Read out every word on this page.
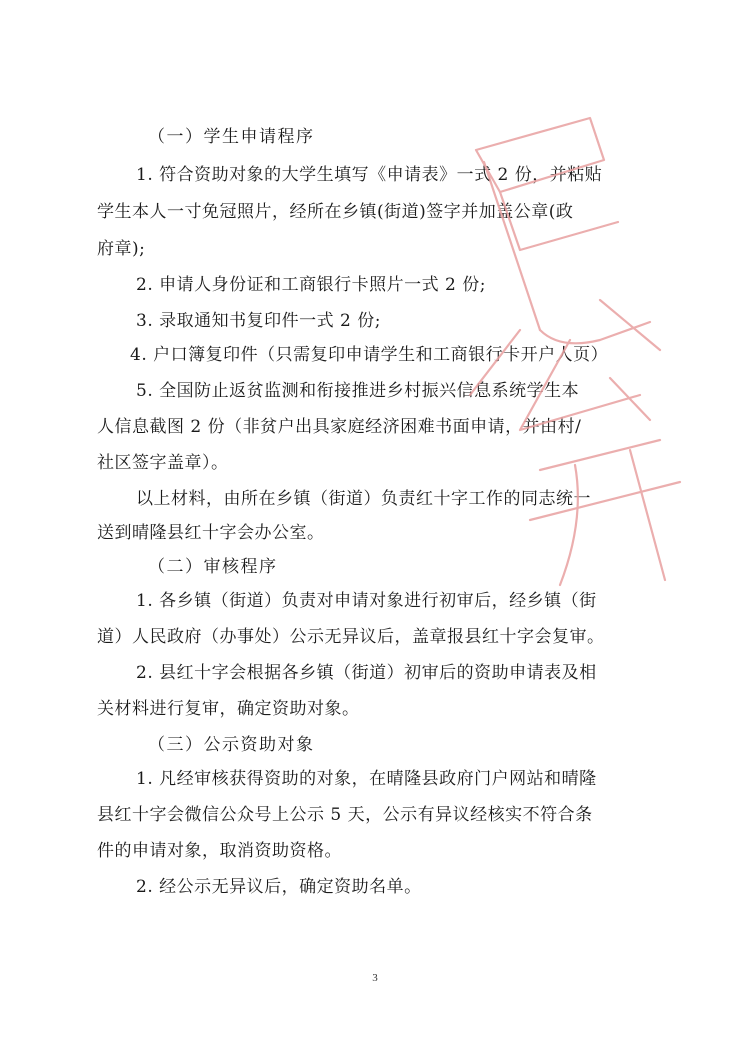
（一）学生申请程序
1. 符合资助对象的大学生填写《申请表》一式 2 份，并粘贴
学生本人一寸免冠照片，经所在乡镇(街道)签字并加盖公章(政
府章);
2. 申请人身份证和工商银行卡照片一式 2 份;
3. 录取通知书复印件一式 2 份;
4. 户口簿复印件（只需复印申请学生和工商银行卡开户人页）
5. 全国防止返贫监测和衔接推进乡村振兴信息系统学生本
人信息截图 2 份（非贫户出具家庭经济困难书面申请，并由村/
社区签字盖章）。
以上材料，由所在乡镇（街道）负责红十字工作的同志统一
送到晴隆县红十字会办公室。
（二）审核程序
1. 各乡镇（街道）负责对申请对象进行初审后，经乡镇（街
道）人民政府（办事处）公示无异议后，盖章报县红十字会复审。
2. 县红十字会根据各乡镇（街道）初审后的资助申请表及相
关材料进行复审，确定资助对象。
（三）公示资助对象
1. 凡经审核获得资助的对象，在晴隆县政府门户网站和晴隆
县红十字会微信公众号上公示 5 天，公示有异议经核实不符合条
件的申请对象，取消资助资格。
2. 经公示无异议后，确定资助名单。
3
